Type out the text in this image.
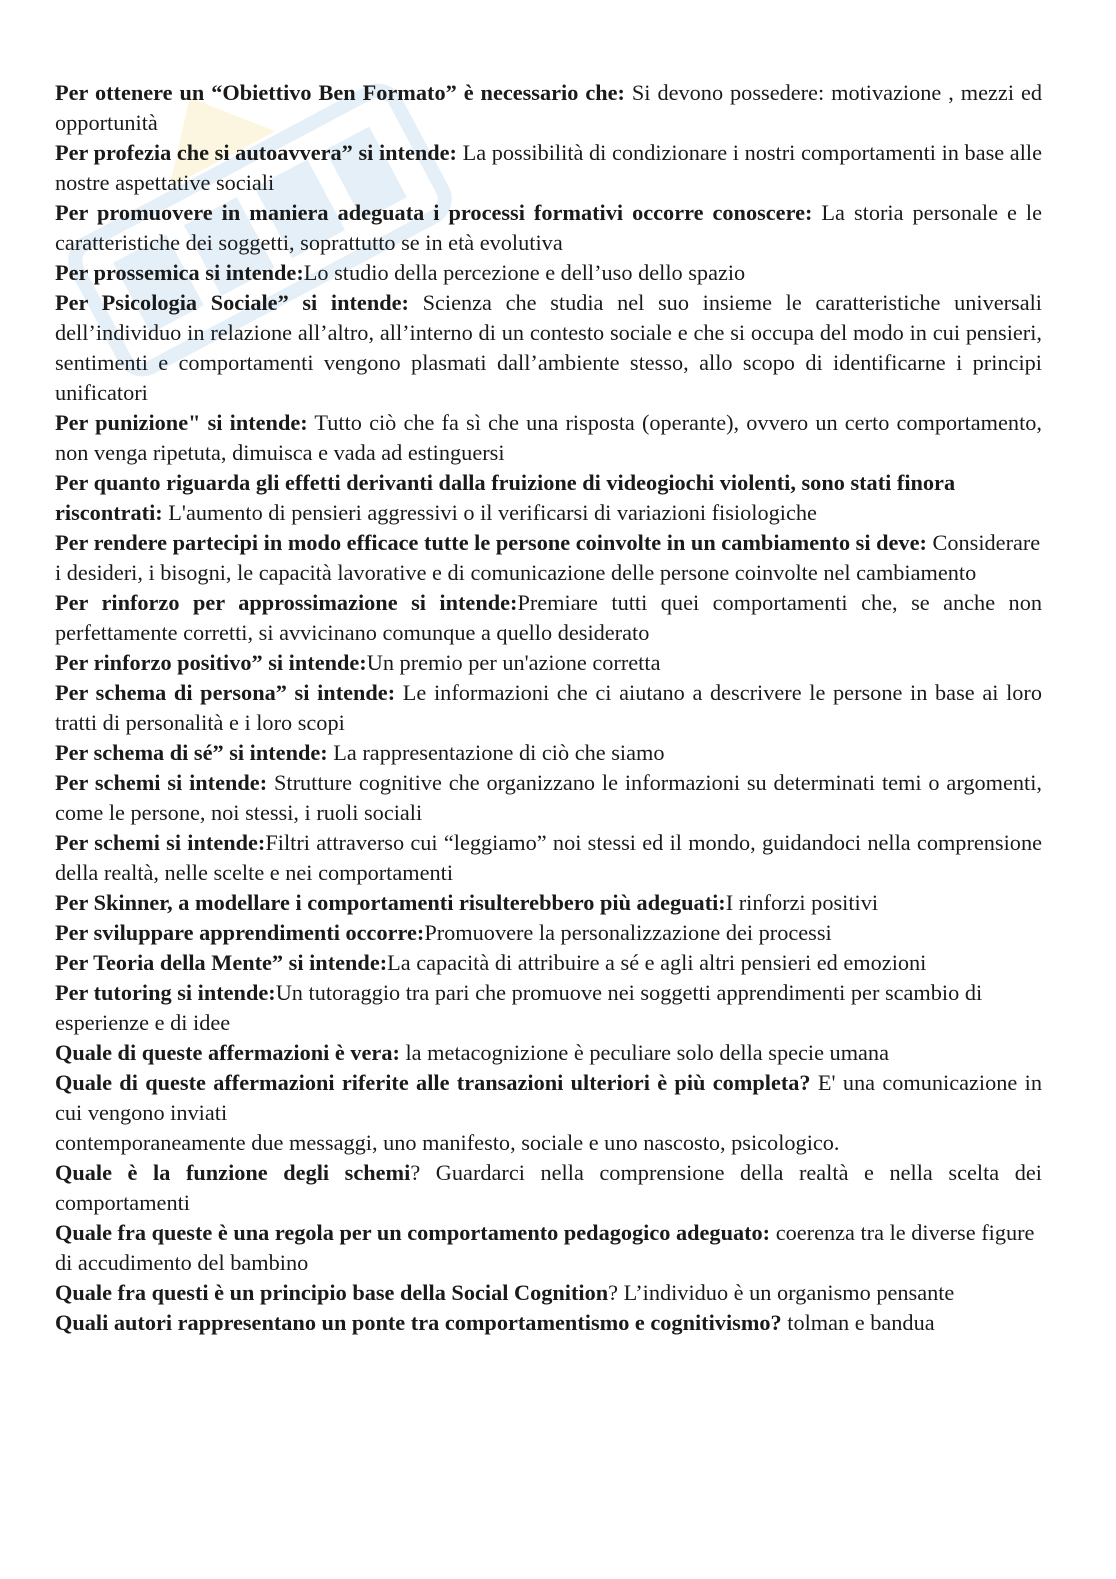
Per ottenere un “Obiettivo Ben Formato” è necessario che: Si devono possedere: motivazione , mezzi ed opportunità

Per profezia che si autoavvera” si intende: La possibilità di condizionare i nostri comportamenti in base alle nostre aspettative sociali

Per promuovere in maniera adeguata i processi formativi occorre conoscere: La storia personale e le caratteristiche dei soggetti, soprattutto se in età evolutiva

Per prossemica si intende:Lo studio della percezione e dell’uso dello spazio

Per Psicologia Sociale” si intende: Scienza che studia nel suo insieme le caratteristiche universali dell’individuo in relazione all’altro, all’interno di un contesto sociale e che si occupa del modo in cui pensieri, sentimenti e comportamenti vengono plasmati dall’ambiente stesso, allo scopo di identificarne i principi unificatori

Per punizione" si intende: Tutto ciò che fa sì che una risposta (operante), ovvero un certo comportamento, non venga ripetuta, dimuisca e vada ad estinguersi

Per quanto riguarda gli effetti derivanti dalla fruizione di videogiochi violenti, sono stati finora riscontrati: L'aumento di pensieri aggressivi o il verificarsi di variazioni fisiologiche

Per rendere partecipi in modo efficace tutte le persone coinvolte in un cambiamento si deve: Considerare i desideri, i bisogni, le capacità lavorative e di comunicazione delle persone coinvolte nel cambiamento

Per rinforzo per approssimazione si intende:Premiare tutti quei comportamenti che, se anche non perfettamente corretti, si avvicinano comunque a quello desiderato

Per rinforzo positivo” si intende:Un premio per un'azione corretta

Per schema di persona” si intende: Le informazioni che ci aiutano a descrivere le persone in base ai loro tratti di personalità e i loro scopi

Per schema di sé” si intende: La rappresentazione di ciò che siamo

Per schemi si intende: Strutture cognitive che organizzano le informazioni su determinati temi o argomenti, come le persone, noi stessi, i ruoli sociali

Per schemi si intende:Filtri attraverso cui “leggiamo” noi stessi ed il mondo, guidandoci nella comprensione della realtà, nelle scelte e nei comportamenti

Per Skinner, a modellare i comportamenti risulterebbero più adeguati:I rinforzi positivi

Per sviluppare apprendimenti occorre:Promuovere la personalizzazione dei processi

Per Teoria della Mente” si intende:La capacità di attribuire a sé e agli altri pensieri ed emozioni

Per tutoring si intende:Un tutoraggio tra pari che promuove nei soggetti apprendimenti per scambio di esperienze e di idee

Quale di queste affermazioni è vera: la metacognizione è peculiare solo della specie umana

Quale di queste affermazioni riferite alle transazioni ulteriori è più completa? E' una comunicazione in cui vengono inviati

contemporaneamente due messaggi, uno manifesto, sociale e uno nascosto, psicologico.

Quale è la funzione degli schemi? Guardarci nella comprensione della realtà e nella scelta dei comportamenti

Quale fra queste è una regola per un comportamento pedagogico adeguato: coerenza tra le diverse figure di accudimento del bambino

Quale fra questi è un principio base della Social Cognition? L’individuo è un organismo pensante

Quali autori rappresentano un ponte tra comportamentismo e cognitivismo? tolman e bandua
